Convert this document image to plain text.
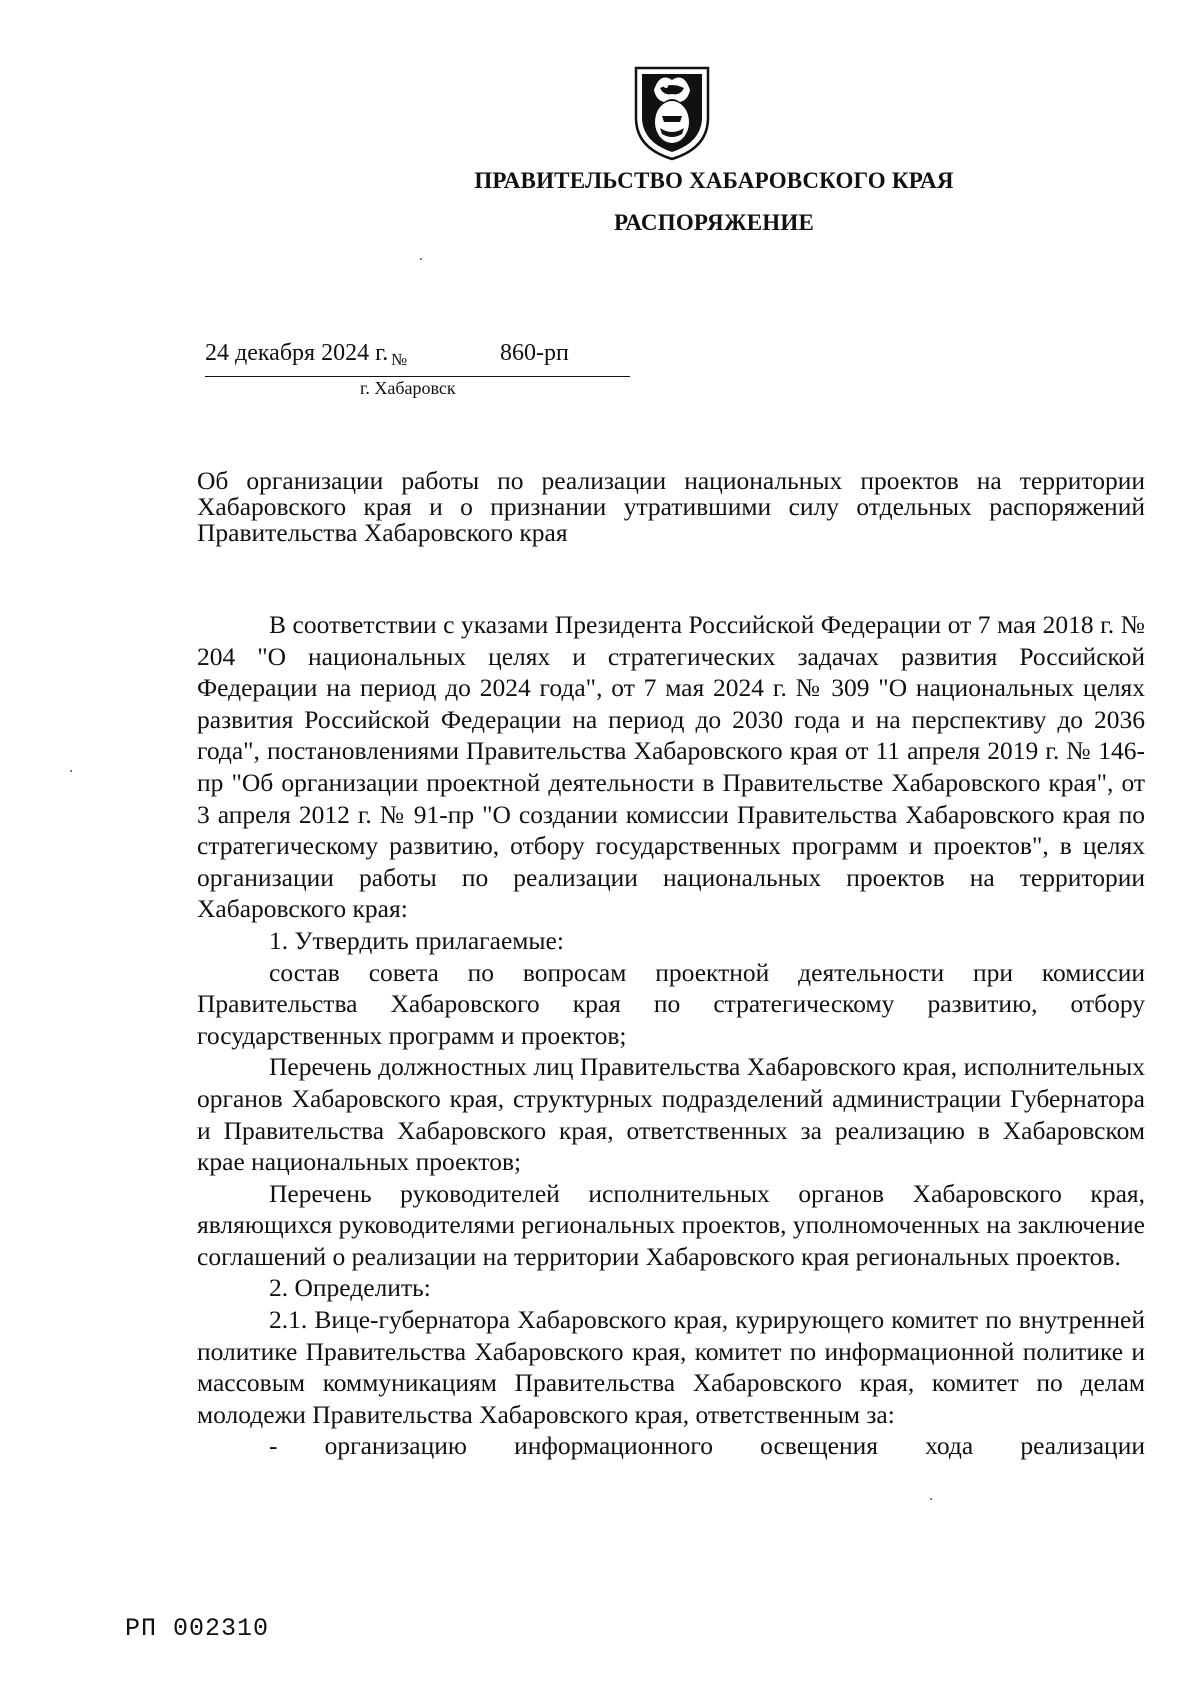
ПРАВИТЕЛЬСТВО ХАБАРОВСКОГО КРАЯ
РАСПОРЯЖЕНИЕ
24 декабря 2024 г. №	860-рп
г. Хабаровск
Об организации работы по реализации национальных проектов на территории Хабаровского края и о признании утратившими силу отдельных распоряжений Правительства Хабаровского края

В соответствии с указами Президента Российской Федерации от 7 мая 2018 г. № 204 "О национальных целях и стратегических задачах развития Российской Федерации на период до 2024 года", от 7 мая 2024 г. № 309 "О национальных целях развития Российской Федерации на период до 2030 года и на перспективу до 2036 года", постановлениями Правительства Хабаровского края от 11 апреля 2019 г. № 146-пр "Об организации проектной деятельности в Правительстве Хабаровского края", от 3 апреля 2012 г. № 91-пр "О создании комиссии Правительства Хабаровского края по стратегическому развитию, отбору государственных программ и проектов", в целях организации работы по реализации национальных проектов на территории Хабаровского края:

1. Утвердить прилагаемые:

состав совета по вопросам проектной деятельности при комиссии Правительства Хабаровского края по стратегическому развитию, отбору государственных программ и проектов;

Перечень должностных лиц Правительства Хабаровского края, исполнительных органов Хабаровского края, структурных подразделений администрации Губернатора и Правительства Хабаровского края, ответственных за реализацию в Хабаровском крае национальных проектов;

Перечень руководителей исполнительных органов Хабаровского края, являющихся руководителями региональных проектов, уполномоченных на заключение соглашений о реализации на территории Хабаровского края региональных проектов.

2. Определить:

2.1. Вице-губернатора Хабаровского края, курирующего комитет по внутренней политике Правительства Хабаровского края, комитет по информационной политике и массовым коммуникациям Правительства Хабаровского края, комитет по делам молодежи Правительства Хабаровского края, ответственным за:

- организацию информационного освещения хода реализации

РП 002310
